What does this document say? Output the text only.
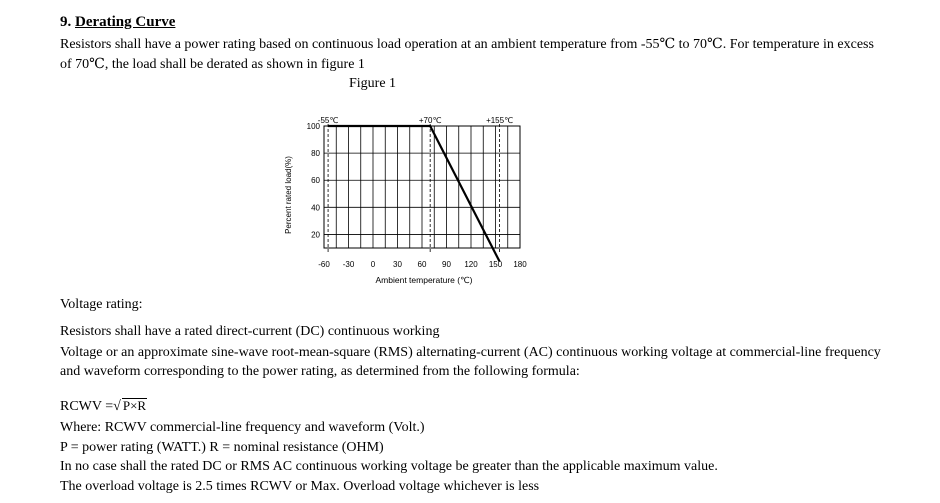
9. Derating Curve
Resistors shall have a power rating based on continuous load operation at an ambient temperature from -55℃ to 70℃. For temperature in excess
of 70℃, the load shall be derated as shown in figure 1
Figure 1
-55℃	+70℃	+155℃
-60 -30 0 30 60 90 120 150 180
20
40
60
80
100
Ambient temperature (℃)
Percent rated load(%)
Voltage rating:
Resistors shall have a rated direct-current (DC) continuous working
Voltage or an approximate sine-wave root-mean-square (RMS) alternating-current (AC) continuous working voltage at commercial-line frequency
and waveform corresponding to the power rating, as determined from the following formula:
RCWV =√ P×R
Where: RCWV commercial-line frequency and waveform (Volt.)
P = power rating (WATT.) R = nominal resistance (OHM)
In no case shall the rated DC or RMS AC continuous working voltage be greater than the applicable maximum value.
The overload voltage is 2.5 times RCWV or Max. Overload voltage whichever is less
